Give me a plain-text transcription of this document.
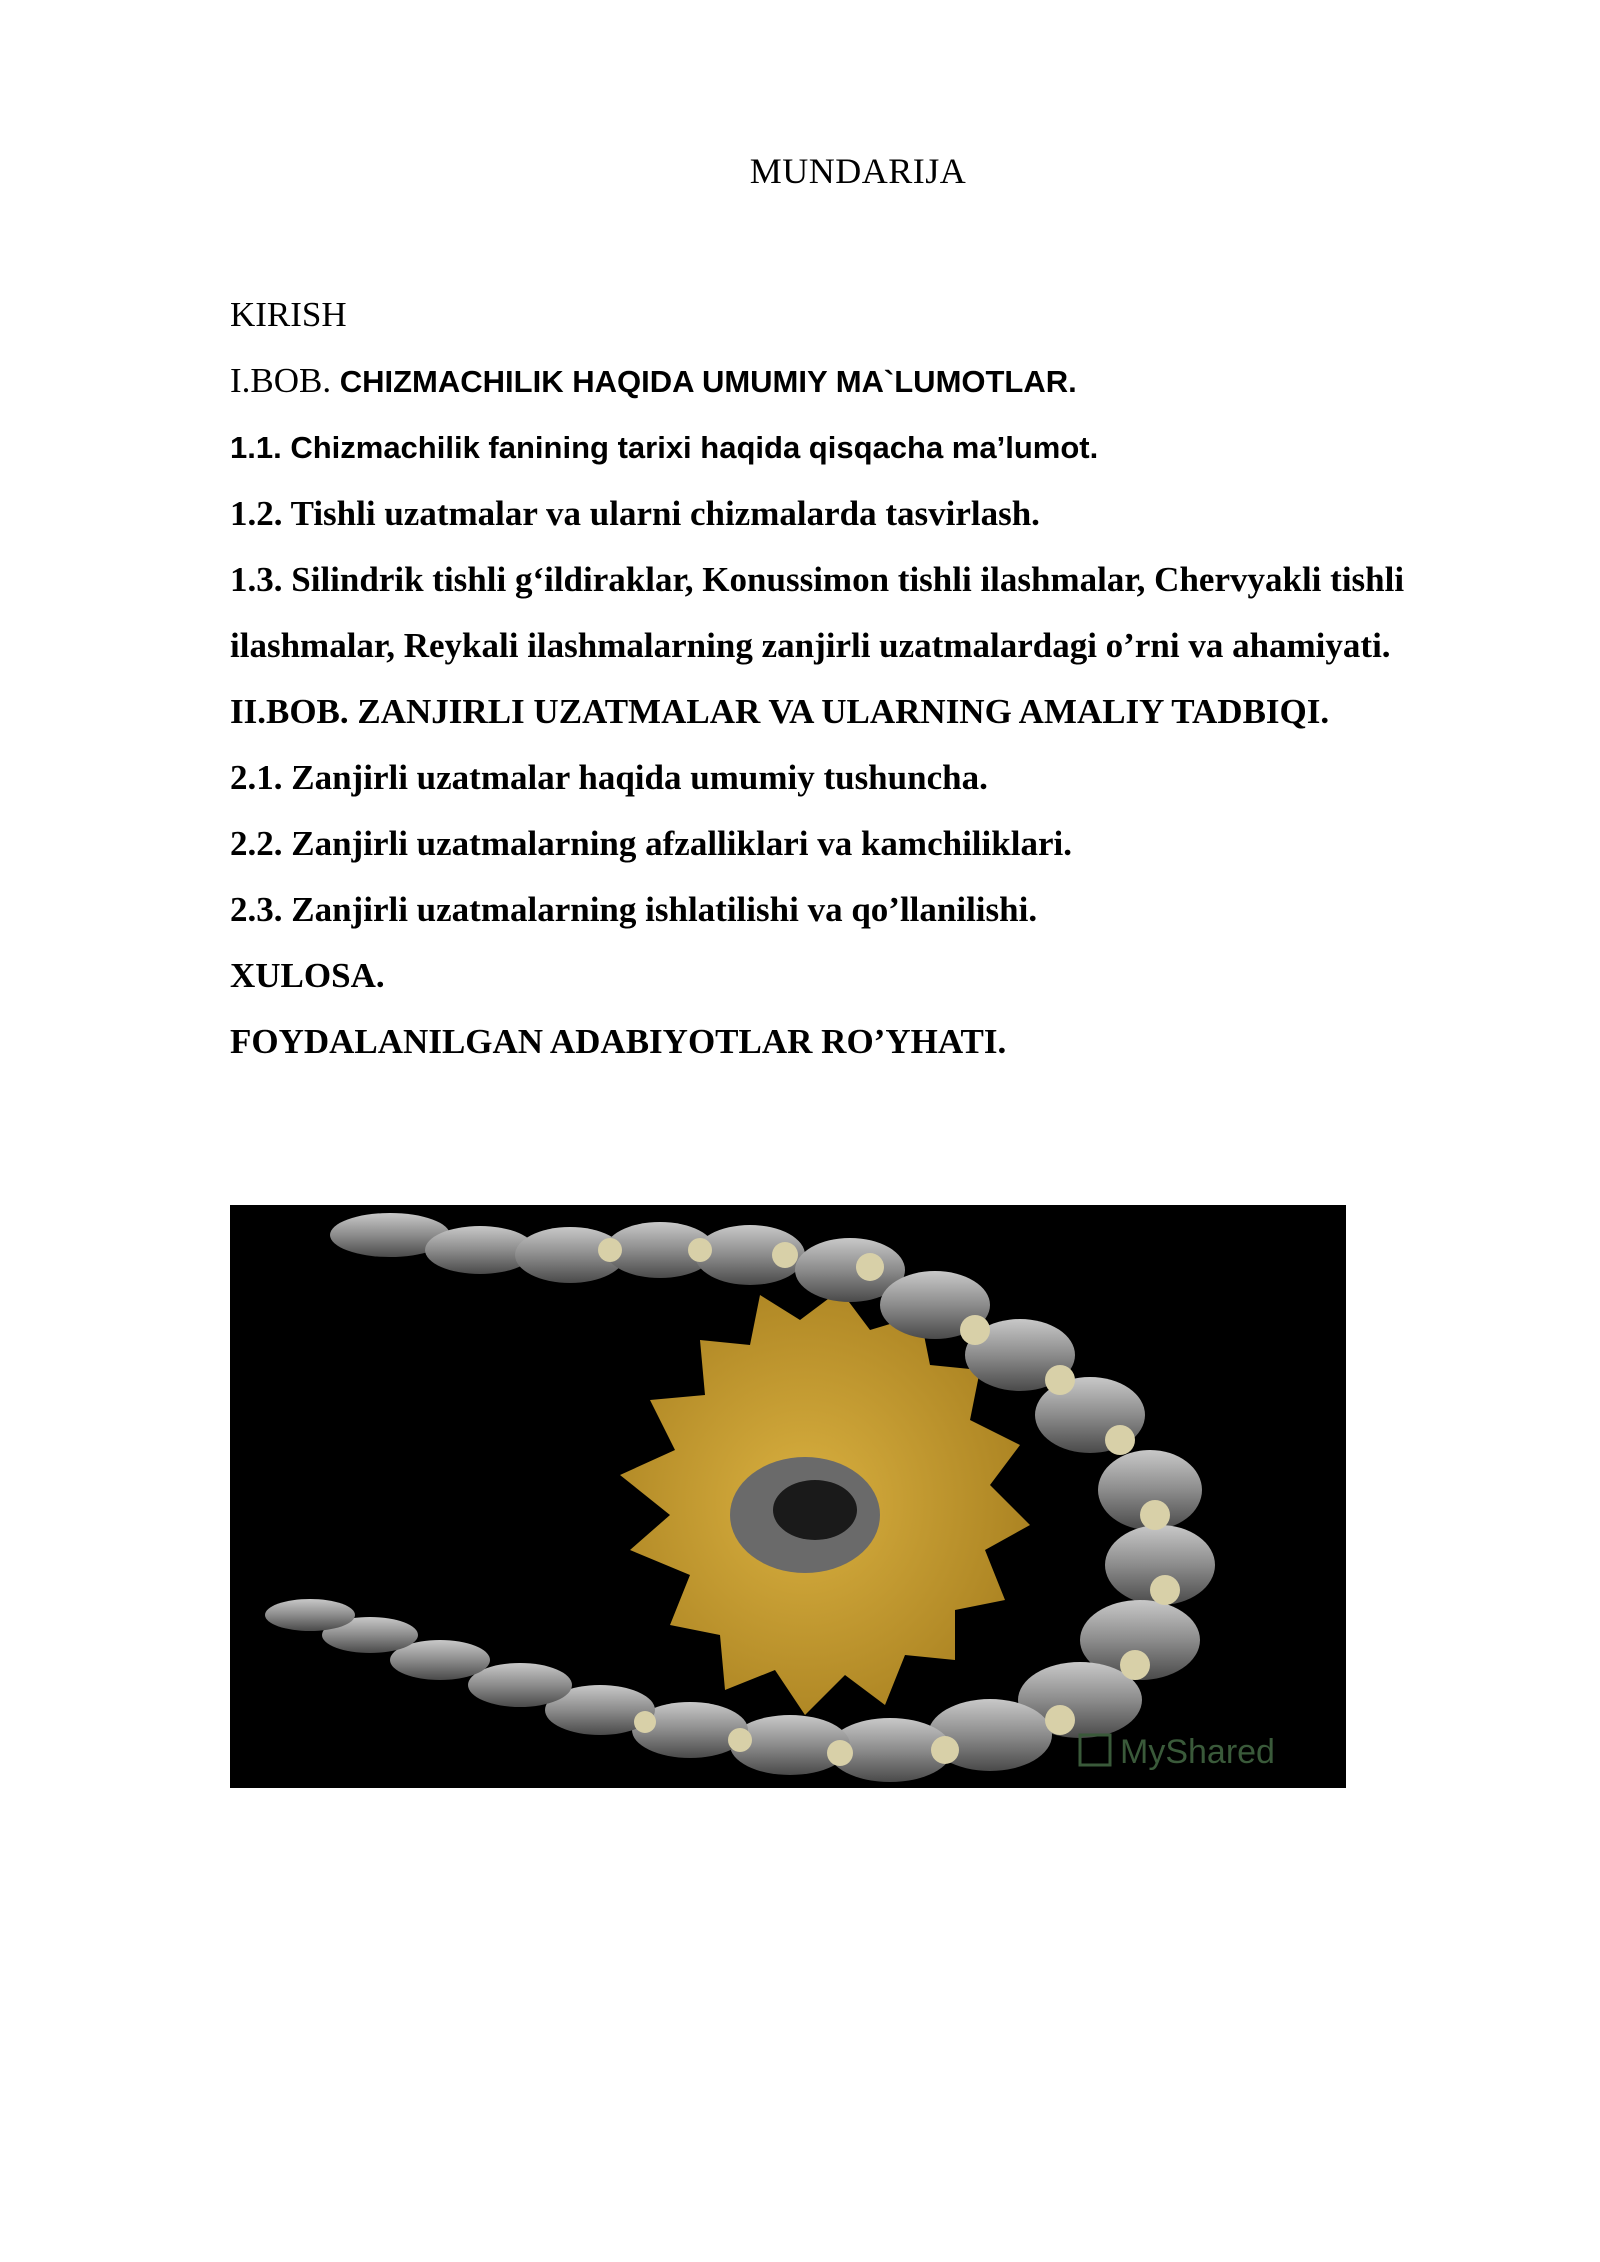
MUNDARIJA
KIRISH
I.BOB. CHIZMACHILIK HAQIDA UMUMIY MA`LUMOTLAR.
1.1. Chizmachilik fanining tarixi haqida qisqacha ma’lumot.
1.2. Tishli uzatmalar va ularni chizmalarda tasvirlash.
1.3. Silindrik tishli g‘ildiraklar, Konussimon tishli ilashmalar, Chervyakli tishli ilashmalar, Reykali ilashmalarning zanjirli uzatmalardagi o’rni va ahamiyati.
II.BOB. ZANJIRLI UZATMALAR VA ULARNING AMALIY TADBIQI.
2.1. Zanjirli uzatmalar haqida umumiy tushuncha.
2.2. Zanjirli uzatmalarning afzalliklari va kamchiliklari.
2.3. Zanjirli uzatmalarning ishlatilishi va qo’llanilishi.
XULOSA.
FOYDALANILGAN ADABIYOTLAR RO’YHATI.
MyShared
